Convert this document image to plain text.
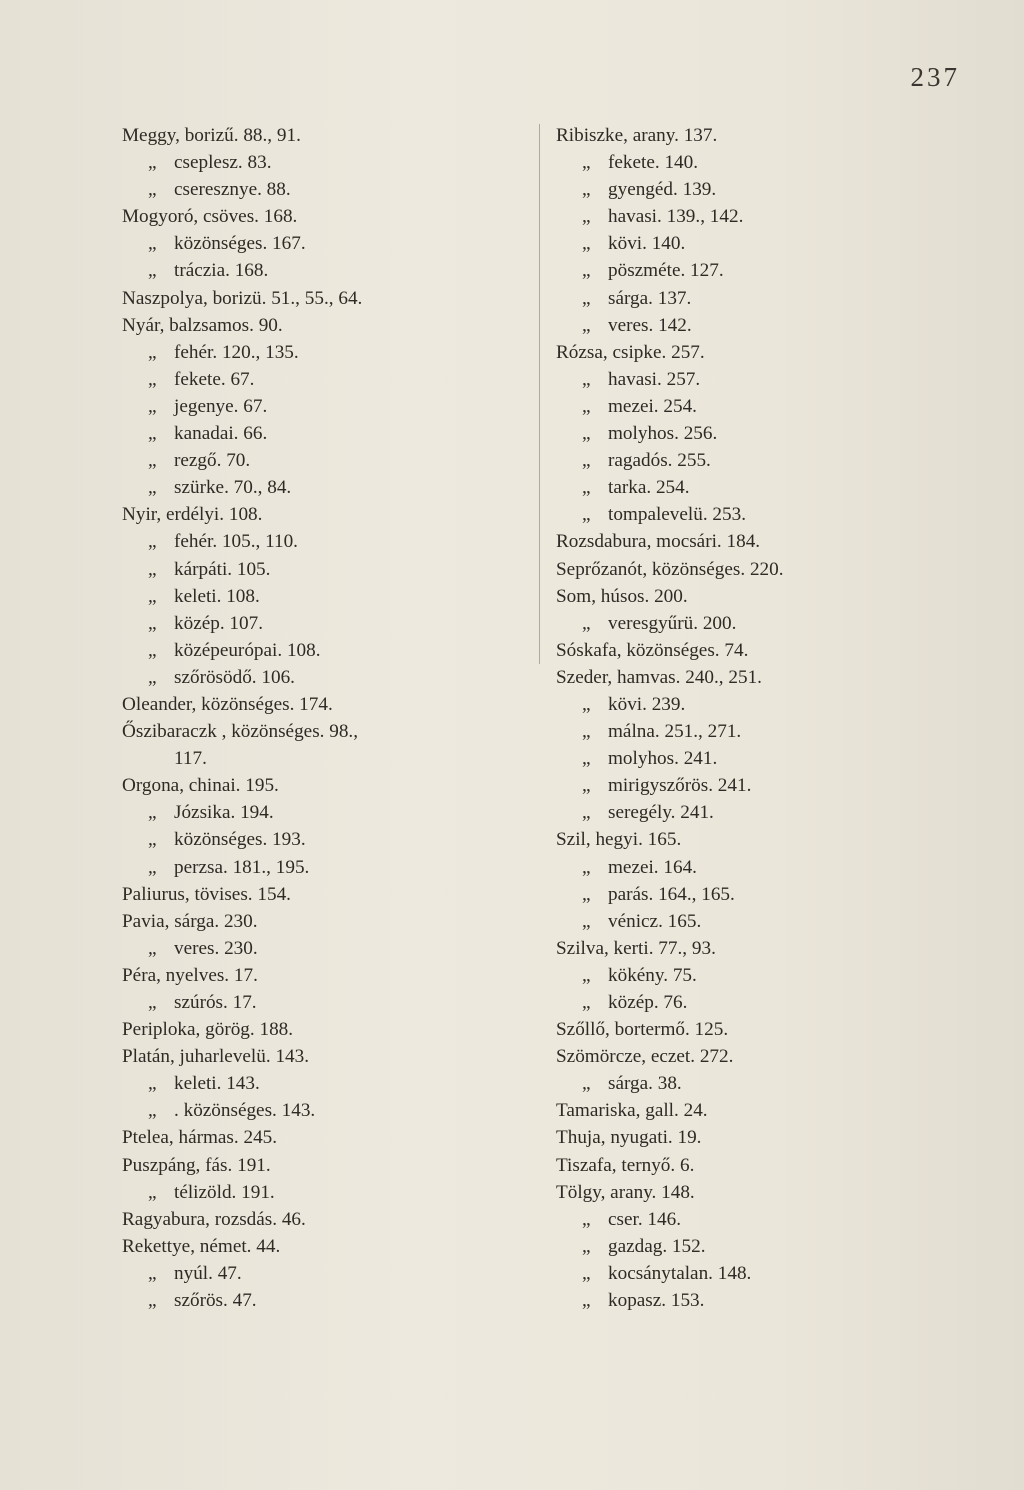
237
Meggy, borizű. 88., 91.
„ cseplesz. 83.
„ cseresznye. 88.
Mogyoró, csöves. 168.
„ közönséges. 167.
„ tráczia. 168.
Naszpolya, borizü. 51., 55., 64.
Nyár, balzsamos. 90.
„ fehér. 120., 135.
„ fekete. 67.
„ jegenye. 67.
„ kanadai. 66.
„ rezgő. 70.
„ szürke. 70., 84.
Nyir, erdélyi. 108.
„ fehér. 105., 110.
„ kárpáti. 105.
„ keleti. 108.
„ közép. 107.
„ középeurópai. 108.
„ szőrösödő. 106.
Oleander, közönséges. 174.
Őszibaraczk , közönséges. 98.,
117.
Orgona, chinai. 195.
„ Józsika. 194.
„ közönséges. 193.
„ perzsa. 181., 195.
Paliurus, tövises. 154.
Pavia, sárga. 230.
„ veres. 230.
Péra, nyelves. 17.
„ szúrós. 17.
Periploka, görög. 188.
Platán, juharlevelü. 143.
„ keleti. 143.
„ . közönséges. 143.
Ptelea, hármas. 245.
Puszpáng, fás. 191.
„ télizöld. 191.
Ragyabura, rozsdás. 46.
Rekettye, német. 44.
„ nyúl. 47.
„ szőrös. 47.
Ribiszke, arany. 137.
„ fekete. 140.
„ gyengéd. 139.
„ havasi. 139., 142.
„ kövi. 140.
„ pöszméte. 127.
„ sárga. 137.
„ veres. 142.
Rózsa, csipke. 257.
„ havasi. 257.
„ mezei. 254.
„ molyhos. 256.
„ ragadós. 255.
„ tarka. 254.
„ tompalevelü. 253.
Rozsdabura, mocsári. 184.
Seprőzanót, közönséges. 220.
Som, húsos. 200.
„ veresgyűrü. 200.
Sóskafa, közönséges. 74.
Szeder, hamvas. 240., 251.
„ kövi. 239.
„ málna. 251., 271.
„ molyhos. 241.
„ mirigyszőrös. 241.
„ seregély. 241.
Szil, hegyi. 165.
„ mezei. 164.
„ parás. 164., 165.
„ vénicz. 165.
Szilva, kerti. 77., 93.
„ kökény. 75.
„ közép. 76.
Szőllő, bortermő. 125.
Szömörcze, eczet. 272.
„ sárga. 38.
Tamariska, gall. 24.
Thuja, nyugati. 19.
Tiszafa, ternyő. 6.
Tölgy, arany. 148.
„ cser. 146.
„ gazdag. 152.
„ kocsánytalan. 148.
„ kopasz. 153.
